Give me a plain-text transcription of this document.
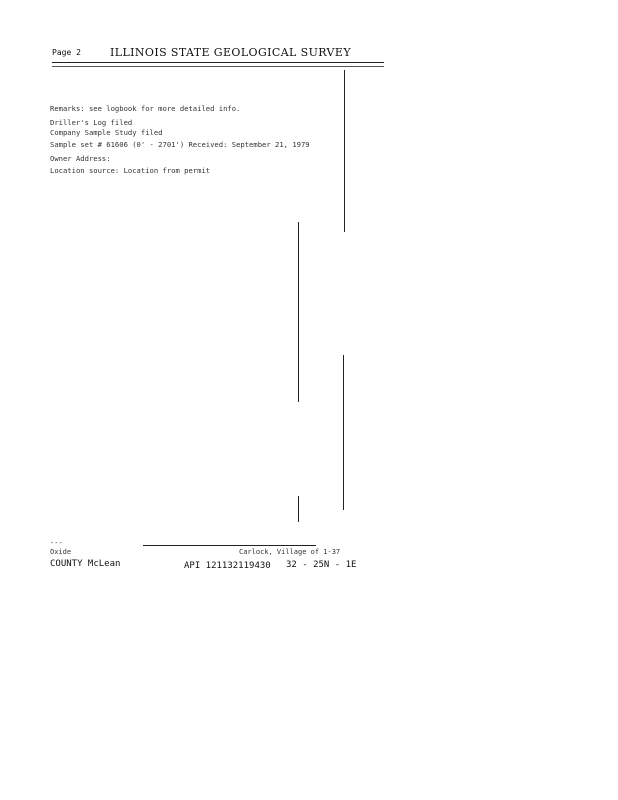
Page 2	ILLINOIS STATE GEOLOGICAL SURVEY
Remarks: see logbook for more detailed info.
Driller's Log filed
Company Sample Study filed
Sample set # 61606 (0' - 2701') Received: September 21, 1979
Owner Address:
Location source: Location from permit
---
Oxide	Carlock, Village of 1-37
COUNTY McLean	API 121132119430 32 - 25N - 1E
